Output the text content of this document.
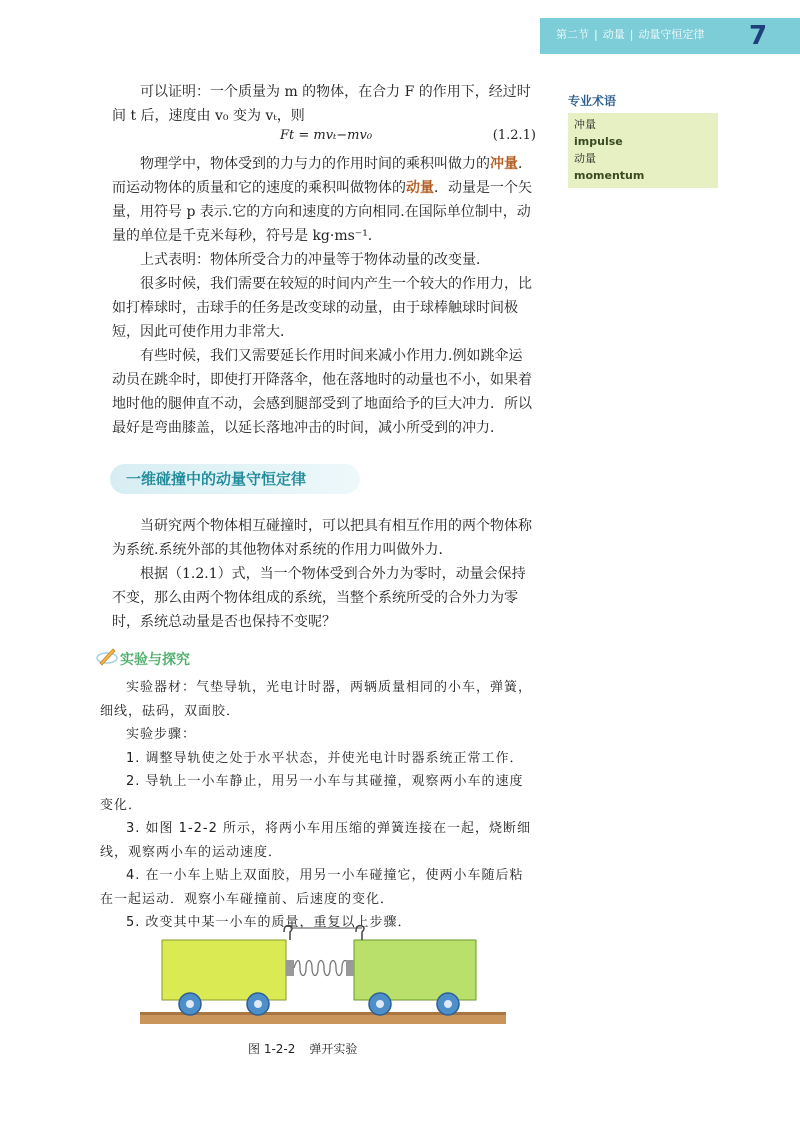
第二节 | 动量 | 动量守恒定律	7

可以证明：一个质量为 m 的物体，在合力 F 的作用下，经过时间 t 后，速度由 v₀ 变为 vₜ，则

Ft = mvₜ−mv₀	(1.2.1)

物理学中，物体受到的力与力的作用时间的乘积叫做力的冲量．而运动物体的质量和它的速度的乘积叫做物体的动量．动量是一个矢量，用符号 p 表示.它的方向和速度的方向相同.在国际单位制中，动量的单位是千克米每秒，符号是 kg·ms⁻¹.

上式表明：物体所受合力的冲量等于物体动量的改变量．

很多时候，我们需要在较短的时间内产生一个较大的作用力，比如打棒球时，击球手的任务是改变球的动量，由于球棒触球时间极短，因此可使作用力非常大．

有些时候，我们又需要延长作用时间来减小作用力.例如跳伞运动员在跳伞时，即使打开降落伞，他在落地时的动量也不小，如果着地时他的腿伸直不动，会感到腿部受到了地面给予的巨大冲力．所以最好是弯曲膝盖，以延长落地冲击的时间，减小所受到的冲力．

专业术语
冲量
impulse
动量
momentum
一维碰撞中的动量守恒定律

当研究两个物体相互碰撞时，可以把具有相互作用的两个物体称为系统.系统外部的其他物体对系统的作用力叫做外力．

根据（1.2.1）式，当一个物体受到合外力为零时，动量会保持不变，那么由两个物体组成的系统，当整个系统所受的合外力为零时，系统总动量是否也保持不变呢？

实验与探究

实验器材：气垫导轨，光电计时器，两辆质量相同的小车，弹簧，细线，砝码，双面胶．

实验步骤：

1. 调整导轨使之处于水平状态，并使光电计时器系统正常工作．

2. 导轨上一小车静止，用另一小车与其碰撞，观察两小车的速度变化．

3. 如图 1-2-2 所示，将两小车用压缩的弹簧连接在一起，烧断细线，观察两小车的运动速度．

4. 在一小车上贴上双面胶，用另一小车碰撞它，使两小车随后粘在一起运动．观察小车碰撞前、后速度的变化．

5. 改变其中某一小车的质量，重复以上步骤．

图 1-2-2 弹开实验
